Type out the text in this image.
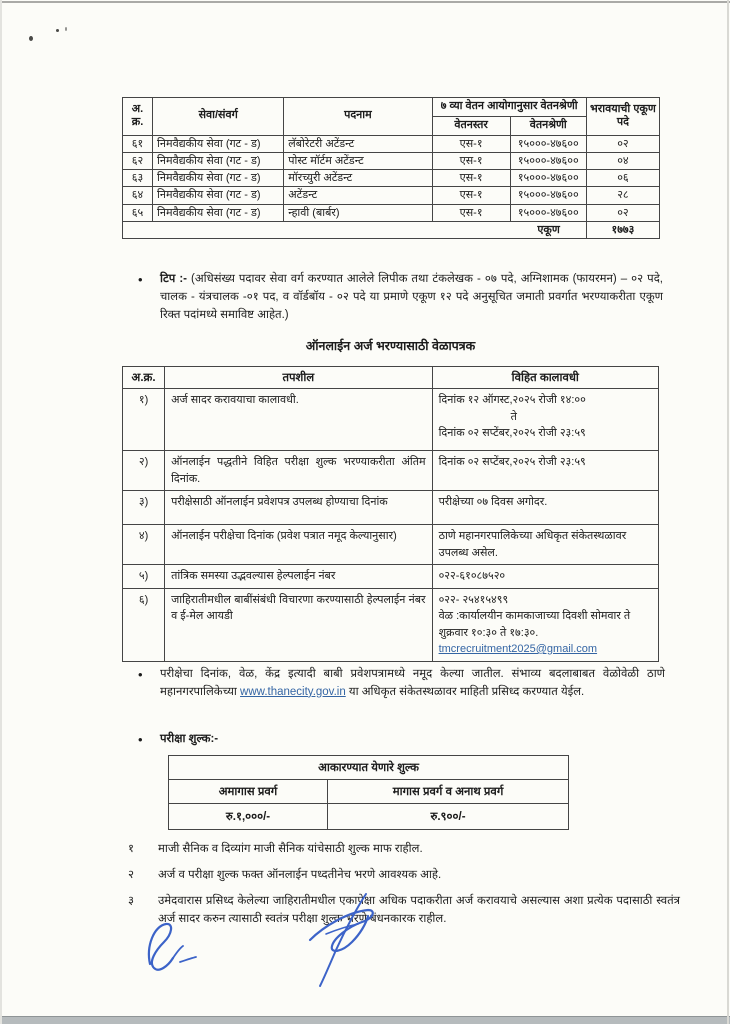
अ. क्र.	सेवा/संवर्ग	पदनाम	७ व्या वेतन आयोगानुसार वेतनश्रेणी		भरावयाची एकूण पदे
			वेतनस्तर	वेतनश्रेणी	
६१	निमवैद्यकीय सेवा (गट - ड)	लॅबोरेटरी अटेंडन्ट	एस-१	१५०००-४७६००	०२
६२	निमवैद्यकीय सेवा (गट - ड)	पोस्ट मॉर्टम अटेंडन्ट	एस-१	१५०००-४७६००	०४
६३	निमवैद्यकीय सेवा (गट - ड)	मॉरच्युरी अटेंडन्ट	एस-१	१५०००-४७६००	०६
६४	निमवैद्यकीय सेवा (गट - ड)	अटेंडन्ट	एस-१	१५०००-४७६००	२८
६५	निमवैद्यकीय सेवा (गट - ड)	न्हावी (बार्बर)	एस-१	१५०००-४७६००	०२
एकूण					१७७३
•	टिप :- (अधिसंख्य पदावर सेवा वर्ग करण्यात आलेले लिपीक तथा टंकलेखक - ०७ पदे, अग्निशामक (फायरमन) – ०२ पदे, चालक - यंत्रचालक -०१ पद, व वॉर्डबॉय - ०२ पदे या प्रमाणे एकूण १२ पदे अनुसूचित जमाती प्रवर्गात भरण्याकरीता एकूण रिक्त पदांमध्ये समाविष्ट आहेत.)
ऑनलाईन अर्ज भरण्यासाठी वेळापत्रक
अ.क्र.	तपशील	विहित कालावधी
१)	अर्ज सादर करावयाचा कालावधी.	दिनांक १२ ऑगस्ट,२०२५ रोजी १४:००
ते
दिनांक ०२ सप्टेंबर,२०२५ रोजी २३:५९

२)	ऑनलाईन पद्धतीने विहित परीक्षा शुल्क भरण्याकरीता अंतिम दिनांक.	दिनांक ०२ सप्टेंबर,२०२५ रोजी २३:५९
३)	परीक्षेसाठी ऑनलाईन प्रवेशपत्र उपलब्ध होण्याचा दिनांक	परीक्षेच्या ०७ दिवस अगोदर.
४)	ऑनलाईन परीक्षेचा दिनांक (प्रवेश पत्रात नमूद केल्यानुसार)	ठाणे महानगरपालिकेच्या अधिकृत संकेतस्थळावर उपलब्ध असेल.
५)	तांत्रिक समस्या उद्भवल्यास हेल्पलाईन नंबर	०२२-६१०८७५२०
६)	जाहिरातीमधील बाबींसंबंधी विचारणा करण्यासाठी हेल्पलाईन नंबर व ई-मेल आयडी	०२२- २५४१५४९९
वेळ :कार्यालयीन कामकाजाच्या दिवशी सोमवार ते शुक्रवार १०:३० ते १७:३०.
tmcrecruitment2025@gmail.com
•	परीक्षेचा दिनांक, वेळ, केंद्र इत्यादी बाबी प्रवेशपत्रामध्ये नमूद केल्या जातील. संभाव्य बदलाबाबत वेळोवेळी ठाणे महानगरपालिकेच्या www.thanecity.gov.in या अधिकृत संकेतस्थळावर माहिती प्रसिध्द करण्यात येईल.
•	परीक्षा शुल्क:-
आकारण्यात येणारे शुल्क	
अमागास प्रवर्ग	मागास प्रवर्ग व अनाथ प्रवर्ग
रु.१,०००/-	रु.९००/-
१	माजी सैनिक व दिव्यांग माजी सैनिक यांचेसाठी शुल्क माफ राहील.
२	अर्ज व परीक्षा शुल्क फक्त ऑनलाईन पध्दतीनेच भरणे आवश्यक आहे.
३	उमेदवारास प्रसिध्द केलेल्या जाहिरातीमधील एकापेक्षा अधिक पदाकरीता अर्ज करावयाचे असल्यास अशा प्रत्येक पदासाठी स्वतंत्र अर्ज सादर करुन त्यासाठी स्वतंत्र परीक्षा शुल्क भरणे बंधनकारक राहील.
